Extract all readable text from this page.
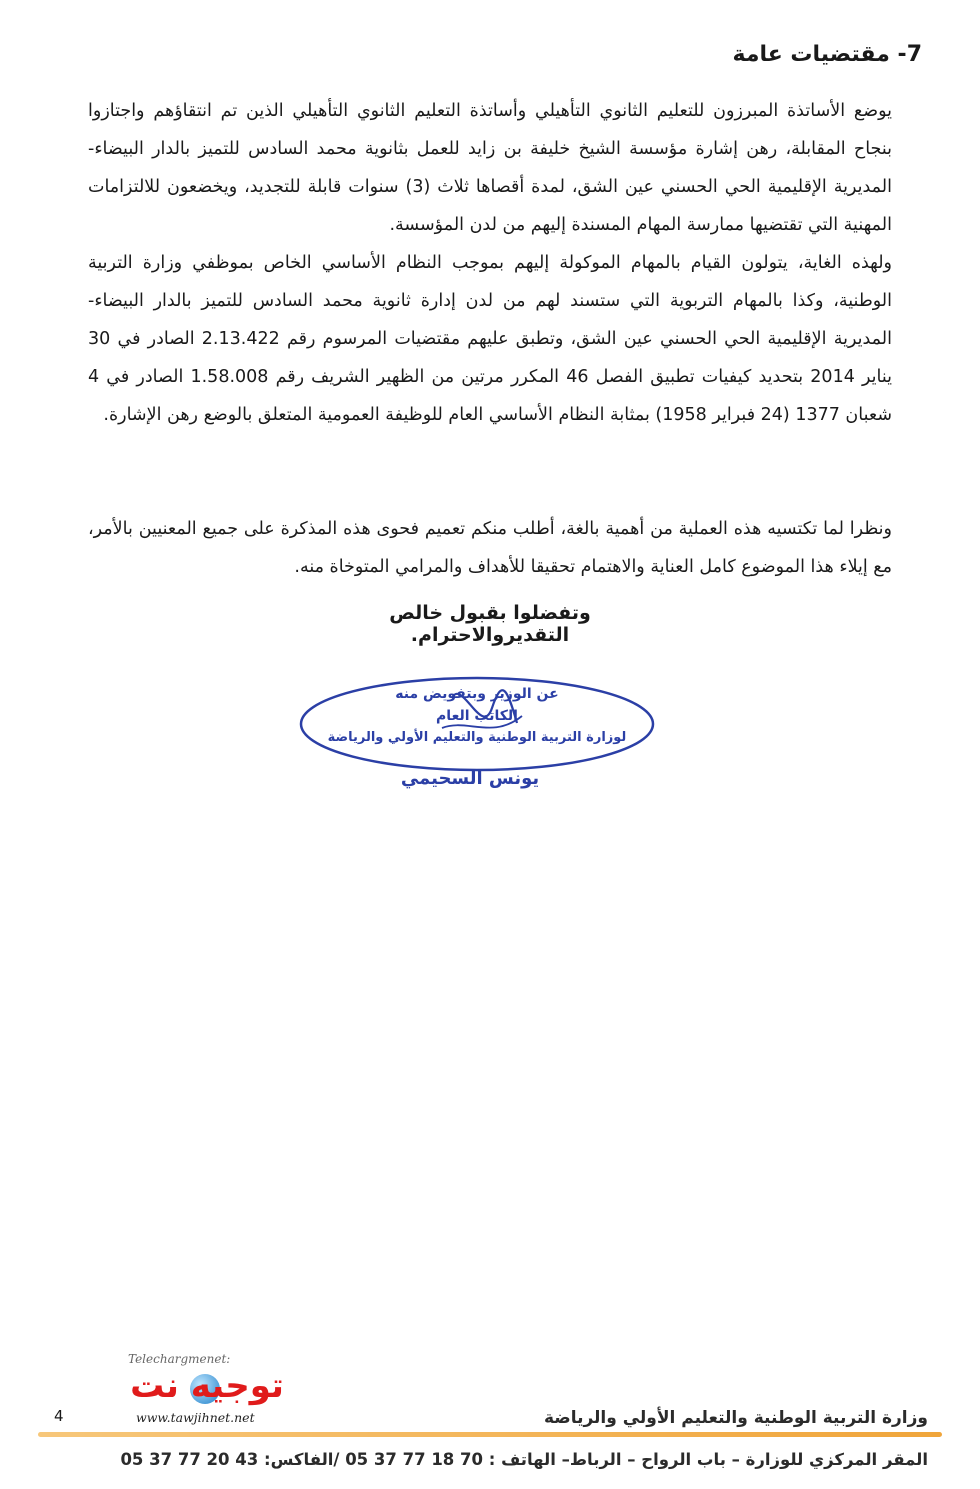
7- مقتضيات عامة

يوضع الأساتذة المبرزون للتعليم الثانوي التأهيلي وأساتذة التعليم الثانوي التأهيلي الذين تم انتقاؤهم واجتازوا بنجاح المقابلة، رهن إشارة مؤسسة الشيخ خليفة بن زايد للعمل بثانوية محمد السادس للتميز بالدار البيضاء- المديرية الإقليمية الحي الحسني عين الشق، لمدة أقصاها ثلاث (3) سنوات قابلة للتجديد، ويخضعون للالتزامات المهنية التي تقتضيها ممارسة المهام المسندة إليهم من لدن المؤسسة.

ولهذه الغاية، يتولون القيام بالمهام الموكولة إليهم بموجب النظام الأساسي الخاص بموظفي وزارة التربية الوطنية، وكذا بالمهام التربوية التي ستسند لهم من لدن إدارة ثانوية محمد السادس للتميز بالدار البيضاء- المديرية الإقليمية الحي الحسني عين الشق، وتطبق عليهم مقتضيات المرسوم رقم 2.13.422 الصادر في 30 يناير 2014 بتحديد كيفيات تطبيق الفصل 46 المكرر مرتين من الظهير الشريف رقم 1.58.008 الصادر في 4 شعبان 1377 (24 فبراير 1958) بمثابة النظام الأساسي العام للوظيفة العمومية المتعلق بالوضع رهن الإشارة.

ونظرا لما تكتسيه هذه العملية من أهمية بالغة، أطلب منكم تعميم فحوى هذه المذكرة على جميع المعنيين بالأمر، مع إيلاء هذا الموضوع كامل العناية والاهتمام تحقيقا للأهداف والمرامي المتوخاة منه.

وتفضلوا بقبول خالص التقديروالاحترام.
عن الوزير وبتفويض منه
الكاتب العام
لوزارة التربية الوطنية والتعليم الأولي والرياضة
يونس السحيمي
Telechargmenet:
توجيه نت
www.tawjihnet.net
4	وزارة التربية الوطنية والتعليم الأولي والرياضة
المقر المركزي للوزارة – باب الرواح – الرباط– الهاتف : 05 37 77 18 70 /الفاكس: 05 37 77 20 43
